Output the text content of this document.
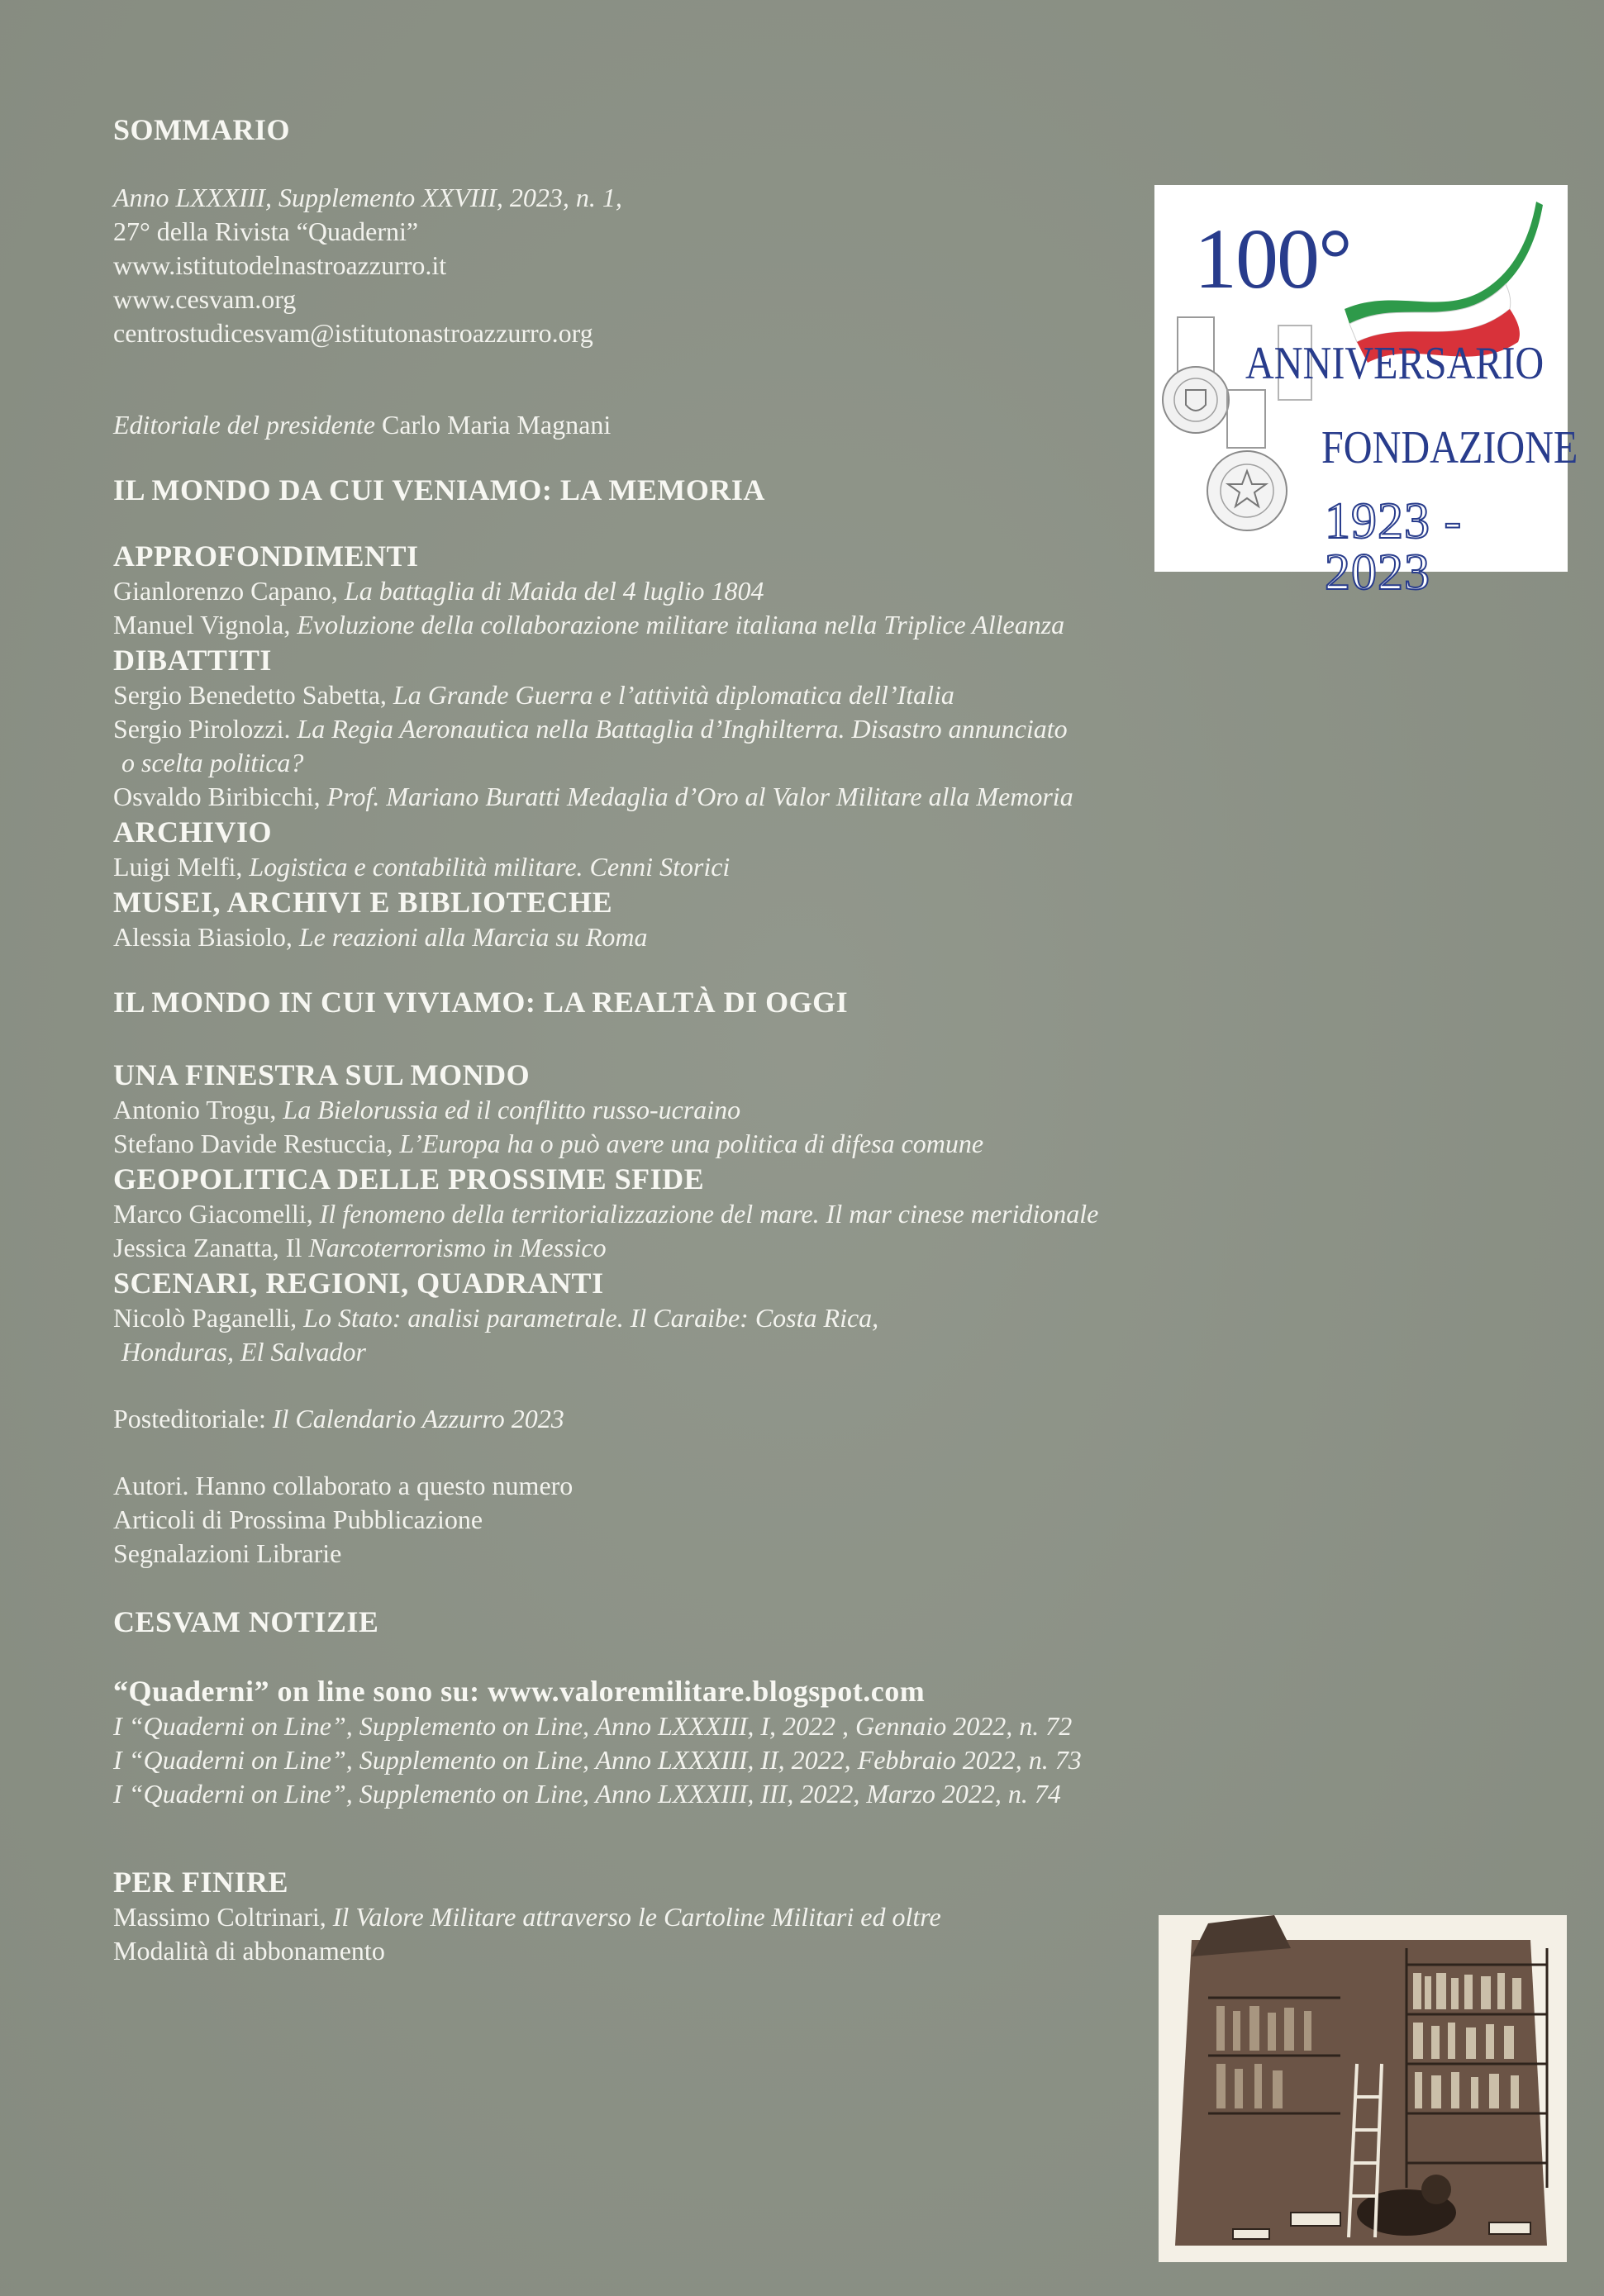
SOMMARIO
Anno LXXXIII, Supplemento XXVIII, 2023, n. 1,
27° della Rivista “Quaderni”
www.istitutodelnastroazzurro.it
www.cesvam.org
centrostudicesvam@istitutonastroazzurro.org
Editoriale del presidente Carlo Maria Magnani
IL MONDO DA CUI VENIAMO: LA MEMORIA
APPROFONDIMENTI
Gianlorenzo Capano, La battaglia di Maida del 4 luglio 1804
Manuel Vignola, Evoluzione della collaborazione militare italiana nella Triplice Alleanza
DIBATTITI
Sergio Benedetto Sabetta, La Grande Guerra e l’attività diplomatica dell’Italia
Sergio Pirolozzi. La Regia Aeronautica nella Battaglia d’Inghilterra. Disastro annunciato
o scelta politica?
Osvaldo Biribicchi, Prof. Mariano Buratti Medaglia d’Oro al Valor Militare alla Memoria
ARCHIVIO
Luigi Melfi, Logistica e contabilità militare. Cenni Storici
MUSEI, ARCHIVI E BIBLIOTECHE
Alessia Biasiolo, Le reazioni alla Marcia su Roma
IL MONDO IN CUI VIVIAMO: LA REALTÀ DI OGGI
UNA FINESTRA SUL MONDO
Antonio Trogu, La Bielorussia ed il conflitto russo-ucraino
Stefano Davide Restuccia, L’Europa ha o può avere una politica di difesa comune
GEOPOLITICA DELLE PROSSIME SFIDE
Marco Giacomelli, Il fenomeno della territorializzazione del mare. Il mar cinese meridionale
Jessica Zanatta, Il Narcoterrorismo in Messico
SCENARI, REGIONI, QUADRANTI
Nicolò Paganelli, Lo Stato: analisi parametrale. Il Caraibe: Costa Rica,
Honduras, El Salvador
Posteditoriale: Il Calendario Azzurro 2023
Autori. Hanno collaborato a questo numero
Articoli di Prossima Pubblicazione
Segnalazioni Librarie
CESVAM NOTIZIE
“Quaderni” on line sono su: www.valoremilitare.blogspot.com
I “Quaderni on Line”, Supplemento on Line, Anno LXXXIII, I, 2022 , Gennaio 2022, n. 72
I “Quaderni on Line”, Supplemento on Line, Anno LXXXIII, II, 2022, Febbraio 2022, n. 73
I “Quaderni on Line”, Supplemento on Line, Anno LXXXIII, III, 2022, Marzo 2022, n. 74
PER FINIRE
Massimo Coltrinari, Il Valore Militare attraverso le Cartoline Militari ed oltre
Modalità di abbonamento
100°
ANNIVERSARIO
FONDAZIONE
1923 - 2023
